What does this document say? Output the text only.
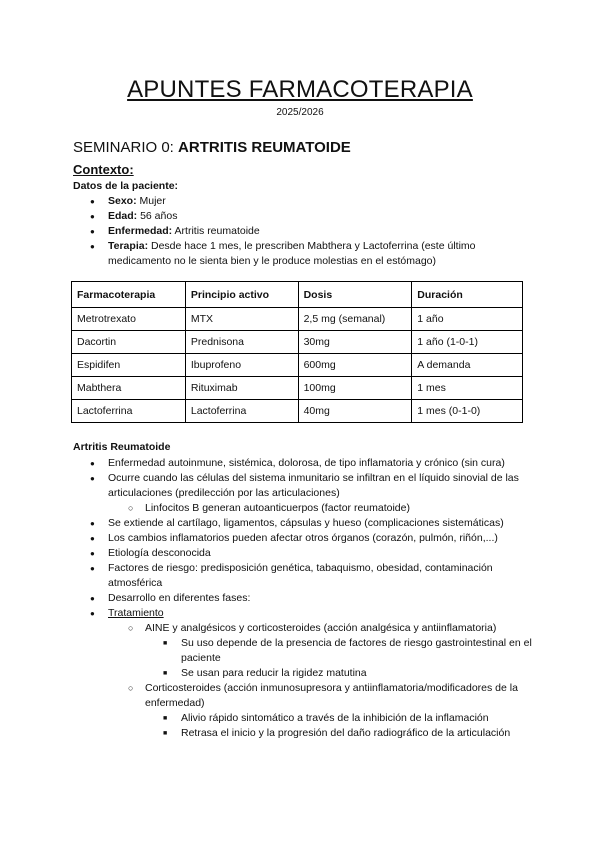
APUNTES FARMACOTERAPIA
2025/2026
SEMINARIO 0: ARTRITIS REUMATOIDE
Contexto:
Datos de la paciente:
● Sexo: Mujer
● Edad: 56 años
● Enfermedad: Artritis reumatoide
● Terapia: Desde hace 1 mes, le prescriben Mabthera y Lactoferrina (este último medicamento no le sienta bien y le produce molestias en el estómago)
Farmacoterapia	Principio activo	Dosis	Duración
Metrotrexato	MTX	2,5 mg (semanal)	1 año
Dacortin	Prednisona	30mg	1 año (1-0-1)
Espidifen	Ibuprofeno	600mg	A demanda
Mabthera	Rituximab	100mg	1 mes
Lactoferrina	Lactoferrina	40mg	1 mes (0-1-0)
Artritis Reumatoide
● Enfermedad autoinmune, sistémica, dolorosa, de tipo inflamatoria y crónico (sin cura)
● Ocurre cuando las células del sistema inmunitario se infiltran en el líquido sinovial de las articulaciones (predilección por las articulaciones)
○ Linfocitos B generan autoanticuerpos (factor reumatoide)
● Se extiende al cartílago, ligamentos, cápsulas y hueso (complicaciones sistemáticas)
● Los cambios inflamatorios pueden afectar otros órganos (corazón, pulmón, riñón,...)
● Etiología desconocida
● Factores de riesgo: predisposición genética, tabaquismo, obesidad, contaminación atmosférica
● Desarrollo en diferentes fases:
● Tratamiento
○ AINE y analgésicos y corticosteroides (acción analgésica y antiinflamatoria)
■ Su uso depende de la presencia de factores de riesgo gastrointestinal en el paciente
■ Se usan para reducir la rigidez matutina
○ Corticosteroides (acción inmunosupresora y antiinflamatoria/modificadores de la enfermedad)
■ Alivio rápido sintomático a través de la inhibición de la inflamación
■ Retrasa el inicio y la progresión del daño radiográfico de la articulación
